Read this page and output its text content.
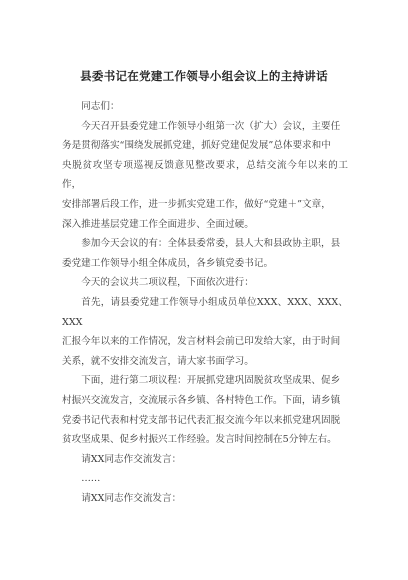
县委书记在党建工作领导小组会议上的主持讲话

同志们：

今天召开县委党建工作领导小组第一次（扩大）会议，主要任
务是贯彻落实“围绕发展抓党建，抓好党建促发展”总体要求和中
央脱贫攻坚专项巡视反馈意见整改要求，总结交流今年以来的工作，
安排部署后段工作，进一步抓实党建工作，做好“党建＋”文章，
深入推进基层党建工作全面进步、全面过硬。

参加今天会议的有：全体县委常委，县人大和县政协主职，县
委党建工作领导小组全体成员，各乡镇党委书记。

今天的会议共二项议程，下面依次进行：

首先，请县委党建工作领导小组成员单位XXX、XXX、XXX、XXX
汇报今年以来的工作情况，发言材料会前已印发给大家，由于时间
关系，就不安排交流发言，请大家书面学习。

下面，进行第二项议程：开展抓党建巩固脱贫攻坚成果、促乡
村振兴交流发言，交流展示各乡镇、各村特色工作。下面，请乡镇
党委书记代表和村党支部书记代表汇报交流今年以来抓党建巩固脱
贫攻坚成果、促乡村振兴工作经验。发言时间控制在5分钟左右。

请XX同志作交流发言：

……

请XX同志作交流发言：
